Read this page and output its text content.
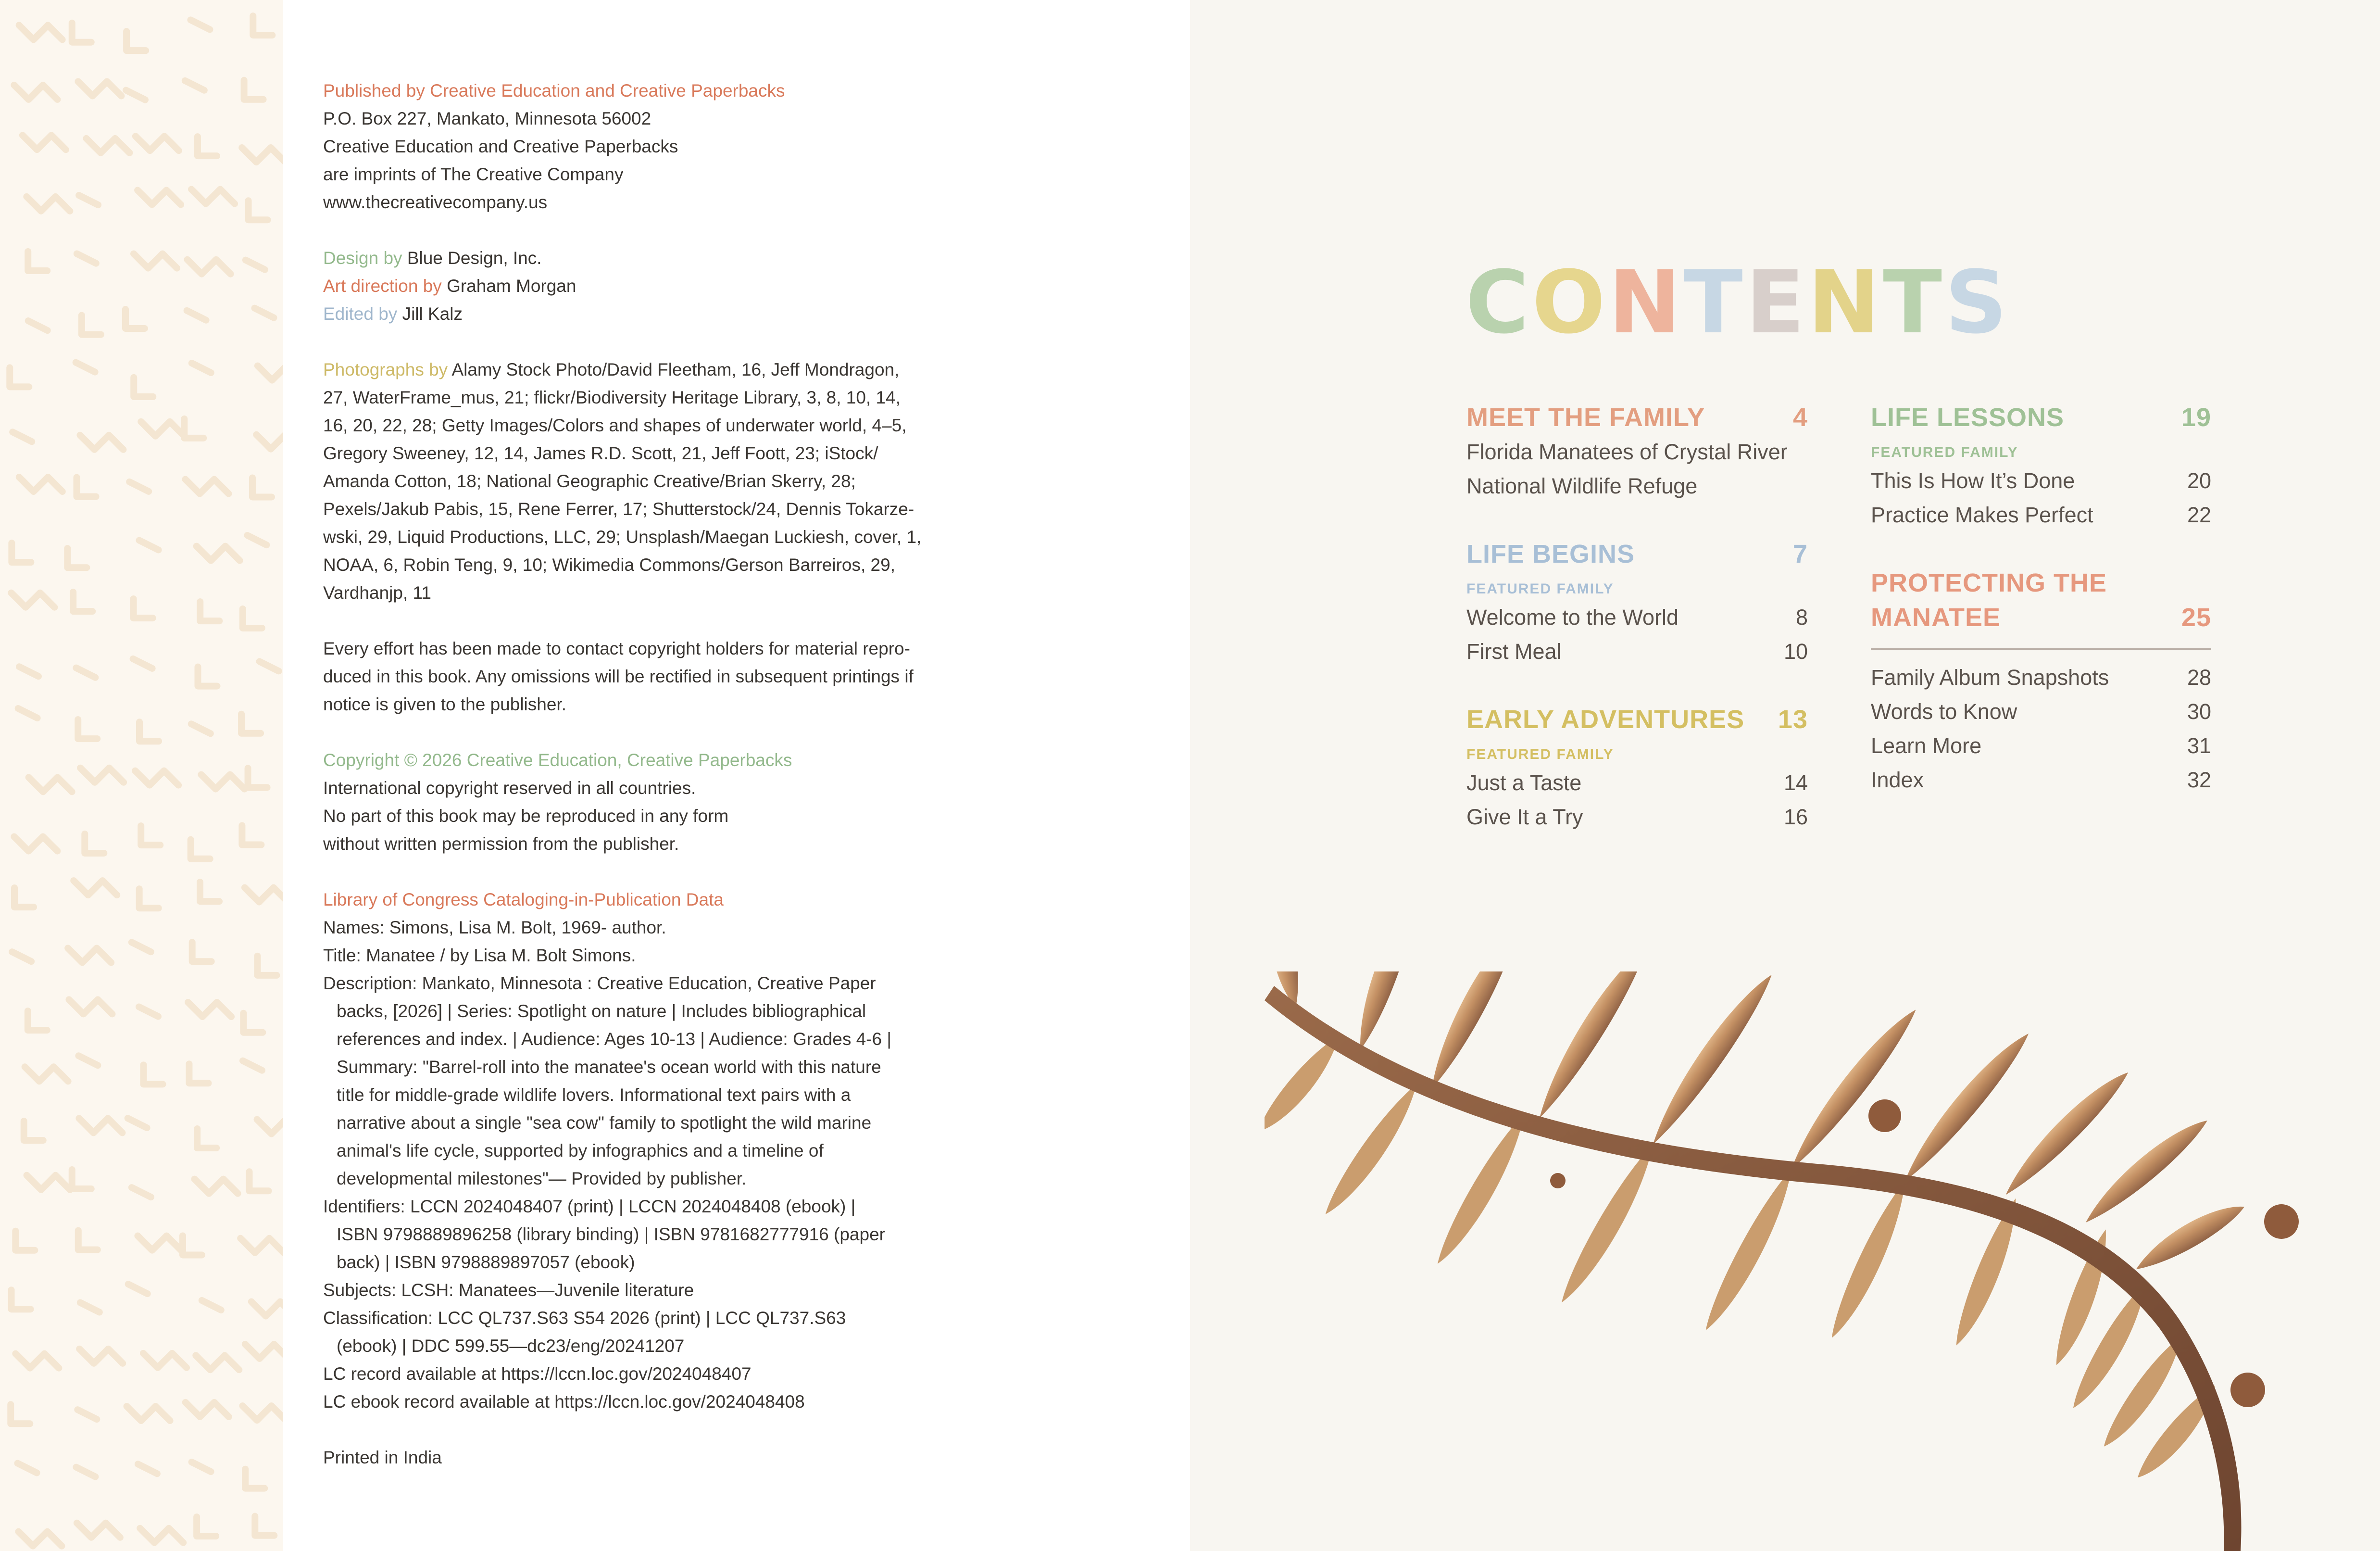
Published by Creative Education and Creative Paperbacks
P.O. Box 227, Mankato, Minnesota 56002
Creative Education and Creative Paperbacks
are imprints of The Creative Company
www.thecreativecompany.us
Design by Blue Design, Inc.
Art direction by Graham Morgan
Edited by Jill Kalz
Photographs by Alamy Stock Photo/David Fleetham, 16, Jeff Mondragon,
27, WaterFrame_mus, 21; flickr/Biodiversity Heritage Library, 3, 8, 10, 14,
16, 20, 22, 28; Getty Images/Colors and shapes of underwater world, 4–5,
Gregory Sweeney, 12, 14, James R.D. Scott, 21, Jeff Foott, 23; iStock/
Amanda Cotton, 18; National Geographic Creative/Brian Skerry, 28;
Pexels/Jakub Pabis, 15, Rene Ferrer, 17; Shutterstock/24, Dennis Tokarze-
wski, 29, Liquid Productions, LLC, 29; Unsplash/Maegan Luckiesh, cover, 1,
NOAA, 6, Robin Teng, 9, 10; Wikimedia Commons/Gerson Barreiros, 29,
Vardhanjp, 11
Every effort has been made to contact copyright holders for material repro-
duced in this book. Any omissions will be rectified in subsequent printings if
notice is given to the publisher.
Copyright © 2026 Creative Education, Creative Paperbacks
International copyright reserved in all countries.
No part of this book may be reproduced in any form
without written permission from the publisher.
Library of Congress Cataloging-in-Publication Data
Names: Simons, Lisa M. Bolt, 1969- author.
Title: Manatee / by Lisa M. Bolt Simons.
Description: Mankato, Minnesota : Creative Education, Creative Paper
backs, [2026] | Series: Spotlight on nature | Includes bibliographical
references and index. | Audience: Ages 10-13 | Audience: Grades 4-6 |
Summary: "Barrel-roll into the manatee's ocean world with this nature
title for middle-grade wildlife lovers. Informational text pairs with a
narrative about a single "sea cow" family to spotlight the wild marine
animal's life cycle, supported by infographics and a timeline of
developmental milestones"— Provided by publisher.
Identifiers: LCCN 2024048407 (print) | LCCN 2024048408 (ebook) |
ISBN 9798889896258 (library binding) | ISBN 9781682777916 (paper
back) | ISBN 9798889897057 (ebook)
Subjects: LCSH: Manatees—Juvenile literature
Classification: LCC QL737.S63 S54 2026 (print) | LCC QL737.S63
(ebook) | DDC 599.55—dc23/eng/20241207
LC record available at https://lccn.loc.gov/2024048407
LC ebook record available at https://lccn.loc.gov/2024048408
Printed in India
CONTENTS
MEET THE FAMILY	4
Florida Manatees of Crystal River
National Wildlife Refuge
LIFE BEGINS	7
FEATURED FAMILY
Welcome to the World	8
First Meal	10
EARLY ADVENTURES 13
FEATURED FAMILY
Just a Taste	14
Give It a Try	16
LIFE LESSONS	19
FEATURED FAMILY
This Is How It’s Done	20
Practice Makes Perfect	22
PROTECTING THE
MANATEE	25
Family Album Snapshots	28
Words to Know	30
Learn More	31
Index	32
